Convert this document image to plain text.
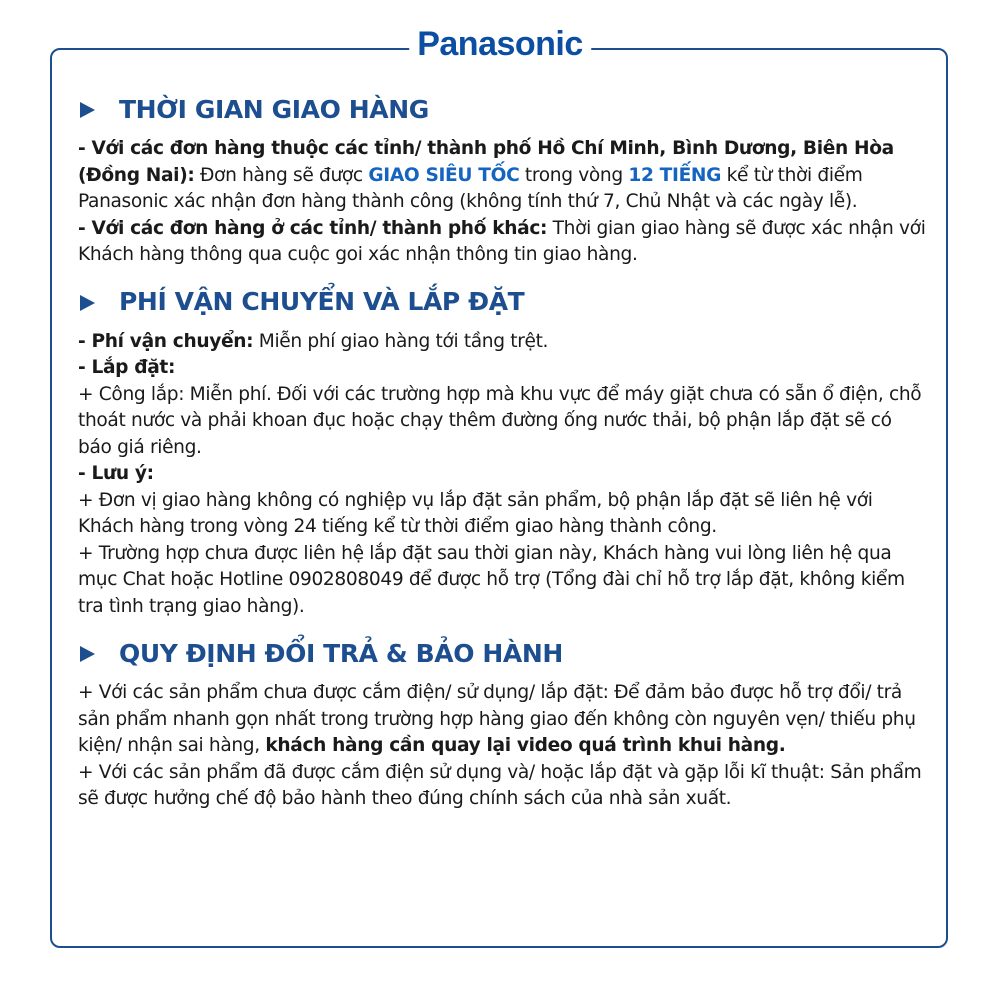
Panasonic
THỜI GIAN GIAO HÀNG

- Với các đơn hàng thuộc các tỉnh/ thành phố Hồ Chí Minh, Bình Dương, Biên Hòa (Đồng Nai): Đơn hàng sẽ được GIAO SIÊU TỐC trong vòng 12 TIẾNG kể từ thời điểm Panasonic xác nhận đơn hàng thành công (không tính thứ 7, Chủ Nhật và các ngày lễ).

- Với các đơn hàng ở các tỉnh/ thành phố khác: Thời gian giao hàng sẽ được xác nhận với Khách hàng thông qua cuộc goi xác nhận thông tin giao hàng.

PHÍ VẬN CHUYỂN VÀ LẮP ĐẶT

- Phí vận chuyển: Miễn phí giao hàng tới tầng trệt.

- Lắp đặt:

+ Công lắp: Miễn phí. Đối với các trường hợp mà khu vực để máy giặt chưa có sẵn ổ điện, chỗ thoát nước và phải khoan đục hoặc chạy thêm đường ống nước thải, bộ phận lắp đặt sẽ có báo giá riêng.

- Lưu ý:

+ Đơn vị giao hàng không có nghiệp vụ lắp đặt sản phẩm, bộ phận lắp đặt sẽ liên hệ với Khách hàng trong vòng 24 tiếng kể từ thời điểm giao hàng thành công.

+ Trường hợp chưa được liên hệ lắp đặt sau thời gian này, Khách hàng vui lòng liên hệ qua mục Chat hoặc Hotline 0902808049 để được hỗ trợ (Tổng đài chỉ hỗ trợ lắp đặt, không kiểm tra tình trạng giao hàng).

QUY ĐỊNH ĐỔI TRẢ & BẢO HÀNH

+ Với các sản phẩm chưa được cắm điện/ sử dụng/ lắp đặt: Để đảm bảo được hỗ trợ đổi/ trả sản phẩm nhanh gọn nhất trong trường hợp hàng giao đến không còn nguyên vẹn/ thiếu phụ kiện/ nhận sai hàng, khách hàng cần quay lại video quá trình khui hàng.

+ Với các sản phẩm đã được cắm điện sử dụng và/ hoặc lắp đặt và gặp lỗi kĩ thuật: Sản phẩm sẽ được hưởng chế độ bảo hành theo đúng chính sách của nhà sản xuất.
